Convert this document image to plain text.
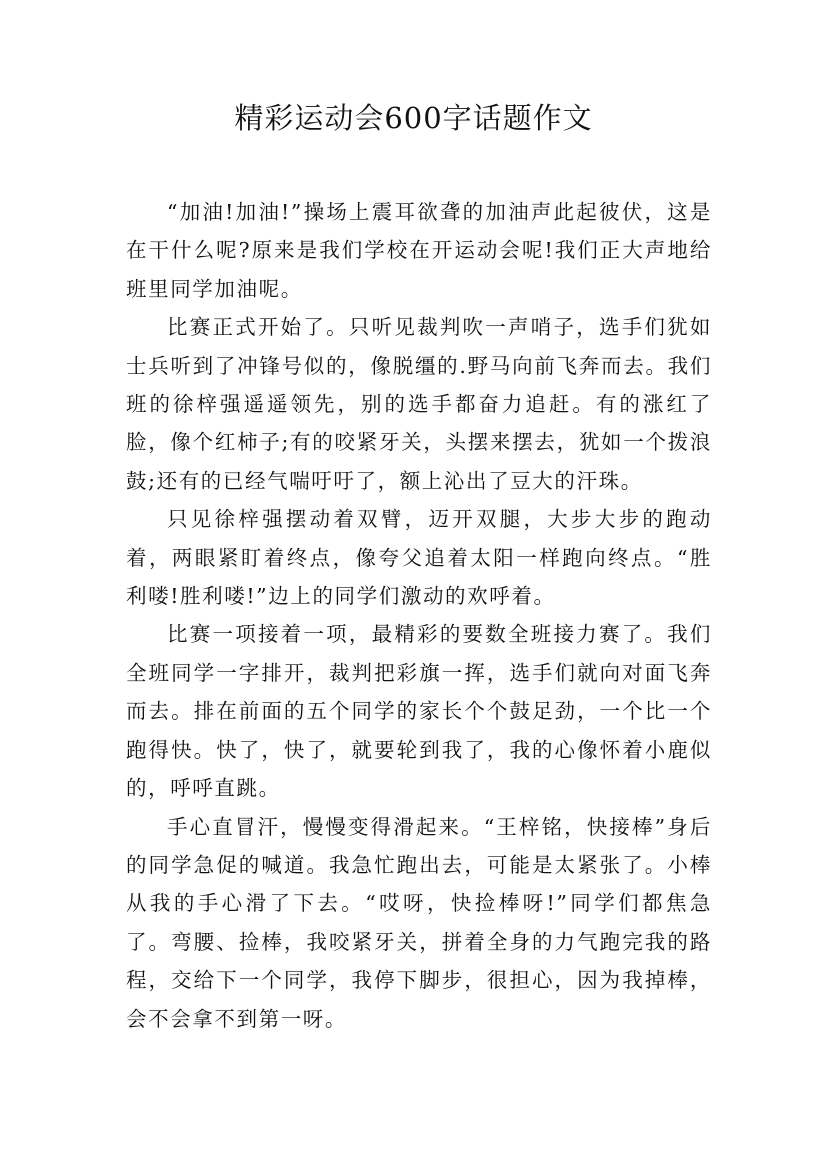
精彩运动会600字话题作文

“加油!加油!”操场上震耳欲聋的加油声此起彼伏，这是在干什么呢?原来是我们学校在开运动会呢!我们正大声地给班里同学加油呢。

比赛正式开始了。只听见裁判吹一声哨子，选手们犹如士兵听到了冲锋号似的，像脱缰的.野马向前飞奔而去。我们班的徐梓强遥遥领先，别的选手都奋力追赶。有的涨红了脸，像个红柿子;有的咬紧牙关，头摆来摆去，犹如一个拨浪鼓;还有的已经气喘吁吁了，额上沁出了豆大的汗珠。

只见徐梓强摆动着双臂，迈开双腿，大步大步的跑动着，两眼紧盯着终点，像夸父追着太阳一样跑向终点。“胜利喽!胜利喽!”边上的同学们激动的欢呼着。

比赛一项接着一项，最精彩的要数全班接力赛了。我们全班同学一字排开，裁判把彩旗一挥，选手们就向对面飞奔而去。排在前面的五个同学的家长个个鼓足劲，一个比一个跑得快。快了，快了，就要轮到我了，我的心像怀着小鹿似的，呼呼直跳。

手心直冒汗，慢慢变得滑起来。“王梓铭，快接棒”身后的同学急促的喊道。我急忙跑出去，可能是太紧张了。小棒从我的手心滑了下去。“哎呀，快捡棒呀!”同学们都焦急了。弯腰、捡棒，我咬紧牙关，拼着全身的力气跑完我的路程，交给下一个同学，我停下脚步，很担心，因为我掉棒，会不会拿不到第一呀。
